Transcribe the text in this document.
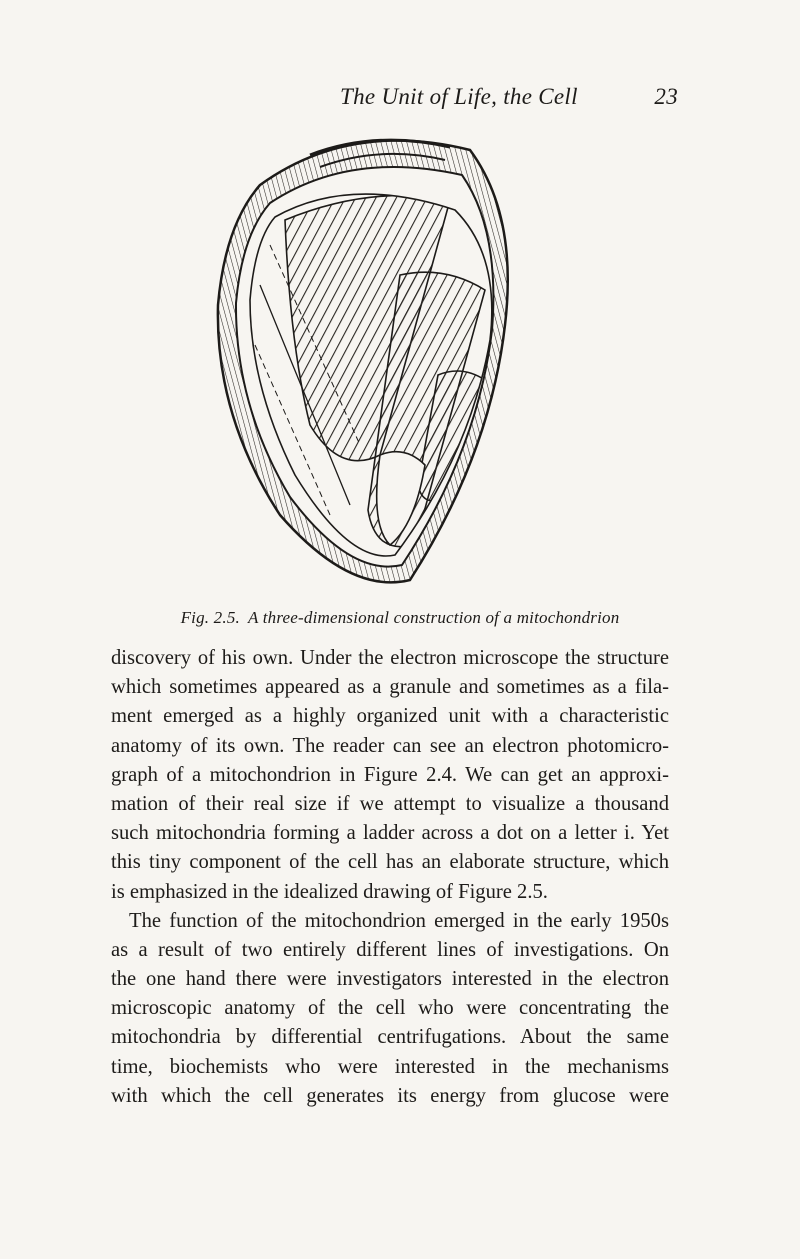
The Unit of Life, the Cell	23
Fig. 2.5. A three-dimensional construction of a mitochondrion
discovery of his own. Under the electron microscope the structure
which sometimes appeared as a granule and sometimes as a fila-
ment emerged as a highly organized unit with a characteristic
anatomy of its own. The reader can see an electron photomicro-
graph of a mitochondrion in Figure 2.4. We can get an approxi-
mation of their real size if we attempt to visualize a thousand
such mitochondria forming a ladder across a dot on a letter i. Yet
this tiny component of the cell has an elaborate structure, which
is emphasized in the idealized drawing of Figure 2.5.
The function of the mitochondrion emerged in the early 1950s
as a result of two entirely different lines of investigations. On
the one hand there were investigators interested in the electron
microscopic anatomy of the cell who were concentrating the
mitochondria by differential centrifugations. About the same
time, biochemists who were interested in the mechanisms
with which the cell generates its energy from glucose were
